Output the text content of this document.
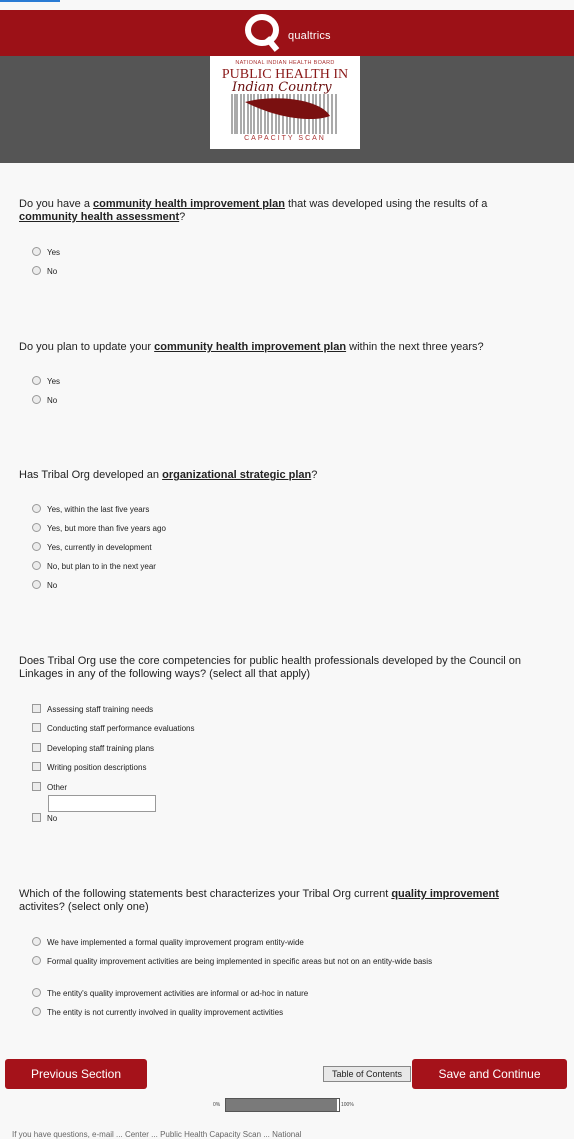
qualtrics
NATIONAL INDIAN HEALTH BOARD
PUBLIC HEALTH IN
Indian Country
CAPACITY SCAN
Do you have a community health improvement plan that was developed using the results of a community health assessment?
Yes
No
Do you plan to update your community health improvement plan within the next three years?
Yes
No
Has Tribal Org developed an organizational strategic plan?
Yes, within the last five years
Yes, but more than five years ago
Yes, currently in development
No, but plan to in the next year
No
Does Tribal Org use the core competencies for public health professionals developed by the Council on Linkages in any of the following ways? (select all that apply)
Assessing staff training needs
Conducting staff performance evaluations
Developing staff training plans
Writing position descriptions
Other
No
Which of the following statements best characterizes your Tribal Org current quality improvement activites? (select only one)
We have implemented a formal quality improvement program entity-wide
Formal quality improvement activities are being implemented in specific areas but not on an entity-wide basis
The entity's quality improvement activities are informal or ad-hoc in nature
The entity is not currently involved in quality improvement activities
Previous Section	Table of Contents	Save and Continue
0%	100%
If you have questions, e-mail ... Center ... Public Health Capacity Scan ... National
